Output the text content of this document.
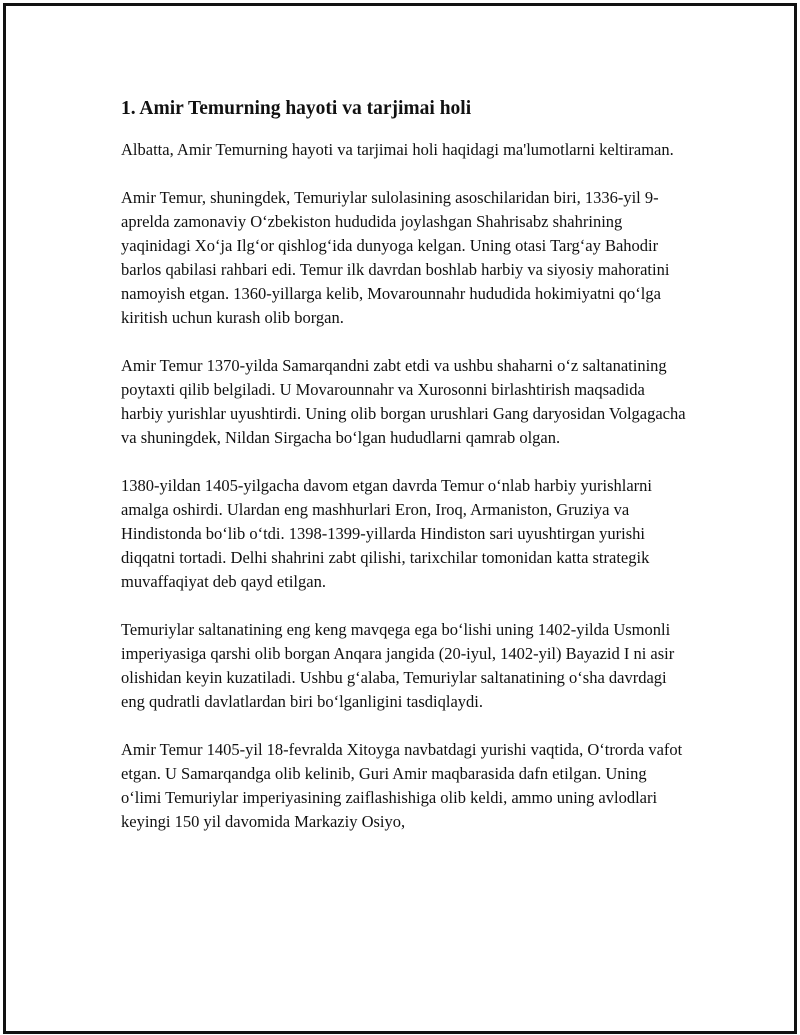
1. Amir Temurning hayoti va tarjimai holi

Albatta, Amir Temurning hayoti va tarjimai holi haqidagi ma'lumotlarni keltiraman.

Amir Temur, shuningdek, Temuriylar sulolasining asoschilaridan biri, 1336-yil 9-aprelda zamonaviy O‘zbekiston hududida joylashgan Shahrisabz shahrining yaqinidagi Xo‘ja Ilg‘or qishlog‘ida dunyoga kelgan. Uning otasi Targ‘ay Bahodir barlos qabilasi rahbari edi. Temur ilk davrdan boshlab harbiy va siyosiy mahoratini namoyish etgan. 1360-yillarga kelib, Movarounnahr hududida hokimiyatni qo‘lga kiritish uchun kurash olib borgan.

Amir Temur 1370-yilda Samarqandni zabt etdi va ushbu shaharni o‘z saltanatining poytaxti qilib belgiladi. U Movarounnahr va Xurosonni birlashtirish maqsadida harbiy yurishlar uyushtirdi. Uning olib borgan urushlari Gang daryosidan Volgagacha va shuningdek, Nildan Sirgacha bo‘lgan hududlarni qamrab olgan.

1380-yildan 1405-yilgacha davom etgan davrda Temur o‘nlab harbiy yurishlarni amalga oshirdi. Ulardan eng mashhurlari Eron, Iroq, Armaniston, Gruziya va Hindistonda bo‘lib o‘tdi. 1398-1399-yillarda Hindiston sari uyushtirgan yurishi diqqatni tortadi. Delhi shahrini zabt qilishi, tarixchilar tomonidan katta strategik muvaffaqiyat deb qayd etilgan.

Temuriylar saltanatining eng keng mavqega ega bo‘lishi uning 1402-yilda Usmonli imperiyasiga qarshi olib borgan Anqara jangida (20-iyul, 1402-yil) Bayazid I ni asir olishidan keyin kuzatiladi. Ushbu g‘alaba, Temuriylar saltanatining o‘sha davrdagi eng qudratli davlatlardan biri bo‘lganligini tasdiqlaydi.

Amir Temur 1405-yil 18-fevralda Xitoyga navbatdagi yurishi vaqtida, O‘trorda vafot etgan. U Samarqandga olib kelinib, Guri Amir maqbarasida dafn etilgan. Uning o‘limi Temuriylar imperiyasining zaiflashishiga olib keldi, ammo uning avlodlari keyingi 150 yil davomida Markaziy Osiyo,
